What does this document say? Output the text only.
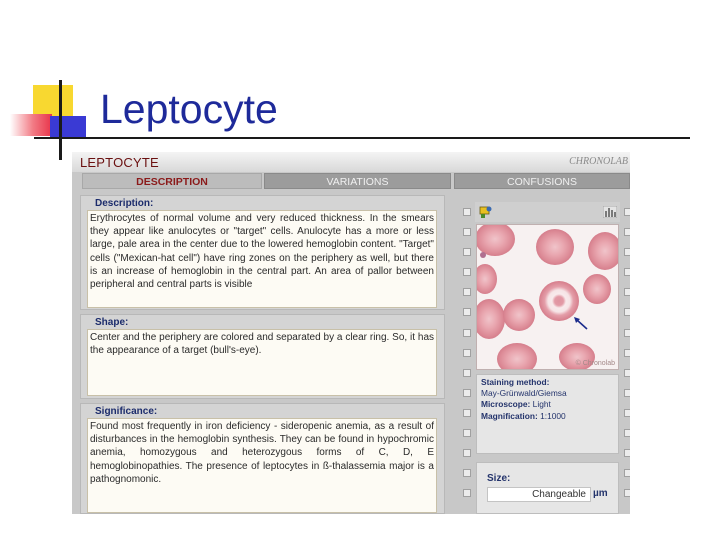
Leptocyte
LEPTOCYTE	CHRONOLAB
DESCRIPTION	VARIATIONS	CONFUSIONS
Description:
Erythrocytes of normal volume and very reduced thickness. In the smears they appear like anulocytes or "target" cells. Anulocyte has a more or less large, pale area in the center due to the lowered hemoglobin content. "Target" cells ("Mexican-hat cell") have ring zones on the periphery as well, but there is an increase of hemoglobin in the central part. An area of pallor between peripheral and central parts is visible
Shape:
Center and the periphery are colored and separated by a clear ring. So, it has the appearance of a target (bull's-eye).
Significance:
Found most frequently in iron deficiency - sideropenic anemia, as a result of disturbances in the hemoglobin synthesis. They can be found in hypochromic anemia, homozygous and heterozygous forms of C, D, E hemoglobinopathies. The presence of leptocytes in ß-thalassemia major is a pathognomonic.
© Chronolab
Staining method:
May-Grünwald/Giemsa
Microscope: Light
Magnification: 1:1000
Size:
Changeable µm
